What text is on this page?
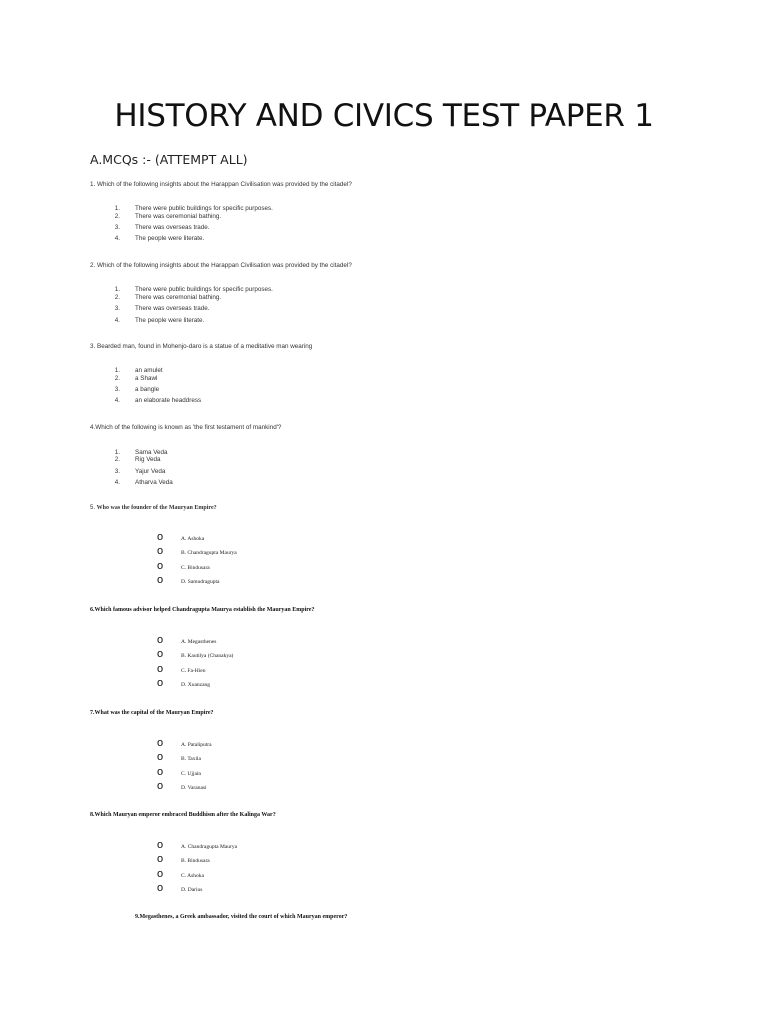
HISTORY AND CIVICS TEST PAPER 1
A.MCQs :- (ATTEMPT ALL)
1. Which of the following insights about the Harappan Civilisation was provided by the citadel?
1. There were public buildings for specific purposes.
2. There was ceremonial bathing.
3. There was overseas trade.
4. The people were literate.
2. Which of the following insights about the Harappan Civilisation was provided by the citadel?
1. There were public buildings for specific purposes.
2. There was ceremonial bathing.
3. There was overseas trade.
4. The people were literate.
3. Bearded man, found in Mohenjo-daro is a statue of a meditative man wearing
1. an amulet
2. a Shawl
3. a bangle
4. an elaborate headdress
4.Which of the following is known as 'the first testament of mankind'?
1. Sama Veda
2. Rig Veda
3. Yajur Veda
4. Atharva Veda
5. Who was the founder of the Mauryan Empire?
o	A. Ashoka
o	B. Chandragupta Maurya
o	C. Bindusara
o	D. Samudragupta
6.Which famous advisor helped Chandragupta Maurya establish the Mauryan Empire?
o	A. Megasthenes
o	B. Kautilya (Chanakya)
o	C. Fa-Hien
o	D. Xuanzang
7.What was the capital of the Mauryan Empire?
o	A. Pataliputra
o	B. Taxila
o	C. Ujjain
o	D. Varanasi
8.Which Mauryan emperor embraced Buddhism after the Kalinga War?
o	A. Chandragupta Maurya
o	B. Bindusara
o	C. Ashoka
o	D. Darius
9.Megasthenes, a Greek ambassador, visited the court of which Mauryan emperor?
